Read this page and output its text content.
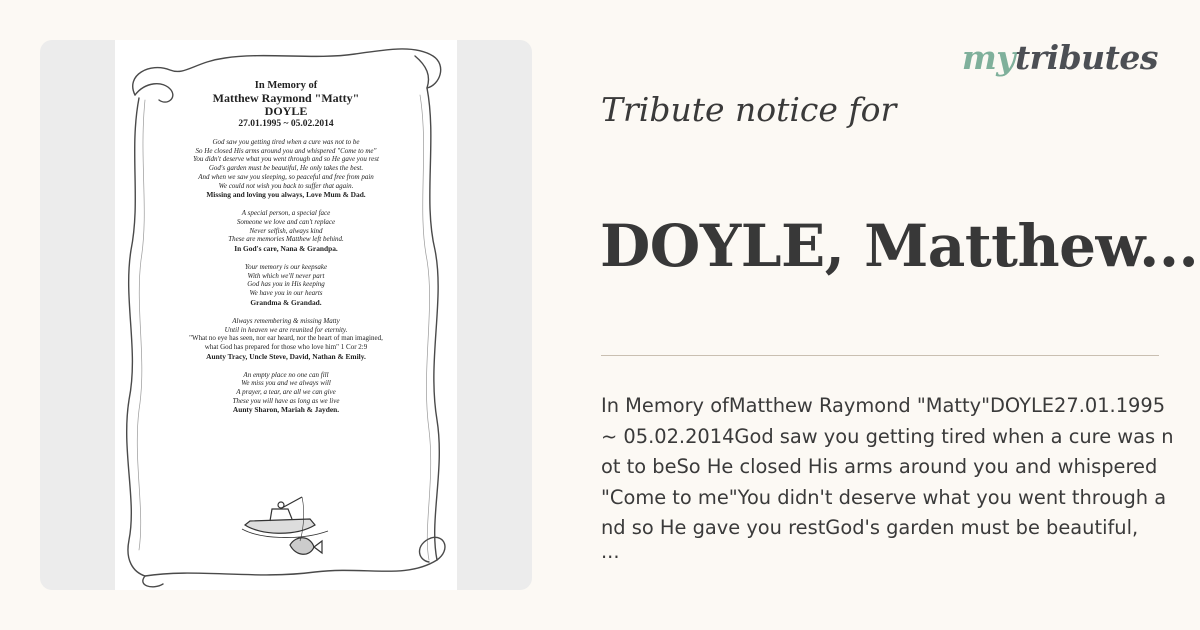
In Memory of
Matthew Raymond "Matty"
DOYLE
27.01.1995 ~ 05.02.2014
God saw you getting tired when a cure was not to be
So He closed His arms around you and whispered "Come to me"
You didn't deserve what you went through and so He gave you rest
God's garden must be beautiful, He only takes the best.
And when we saw you sleeping, so peaceful and free from pain
We could not wish you back to suffer that again.
Missing and loving you always, Love Mum & Dad.
A special person, a special face
Someone we love and can't replace
Never selfish, always kind
These are memories Matthew left behind.
In God's care, Nana & Grandpa.
Your memory is our keepsake
With which we'll never part
God has you in His keeping
We have you in our hearts
Grandma & Grandad.
Always remembering & missing Matty
Until in heaven we are reunited for eternity.
"What no eye has seen, nor ear heard, nor the heart of man imagined,
what God has prepared for those who love him" 1 Cor 2:9
Aunty Tracy, Uncle Steve, David, Nathan & Emily.
An empty place no one can fill
We miss you and we always will
A prayer, a tear, are all we can give
These you will have as long as we live
Aunty Sharon, Mariah & Jayden.
mytributes
Tribute notice for
DOYLE, Matthew...
In Memory ofMatthew Raymond "Matty"DOYLE27.01.1995 ~ 05.02.2014God saw you getting tired when a cure was not to beSo He closed His arms around you and whispered "Come to me"You didn't deserve what you went through and so He gave you restGod's garden must be beautiful,
...
